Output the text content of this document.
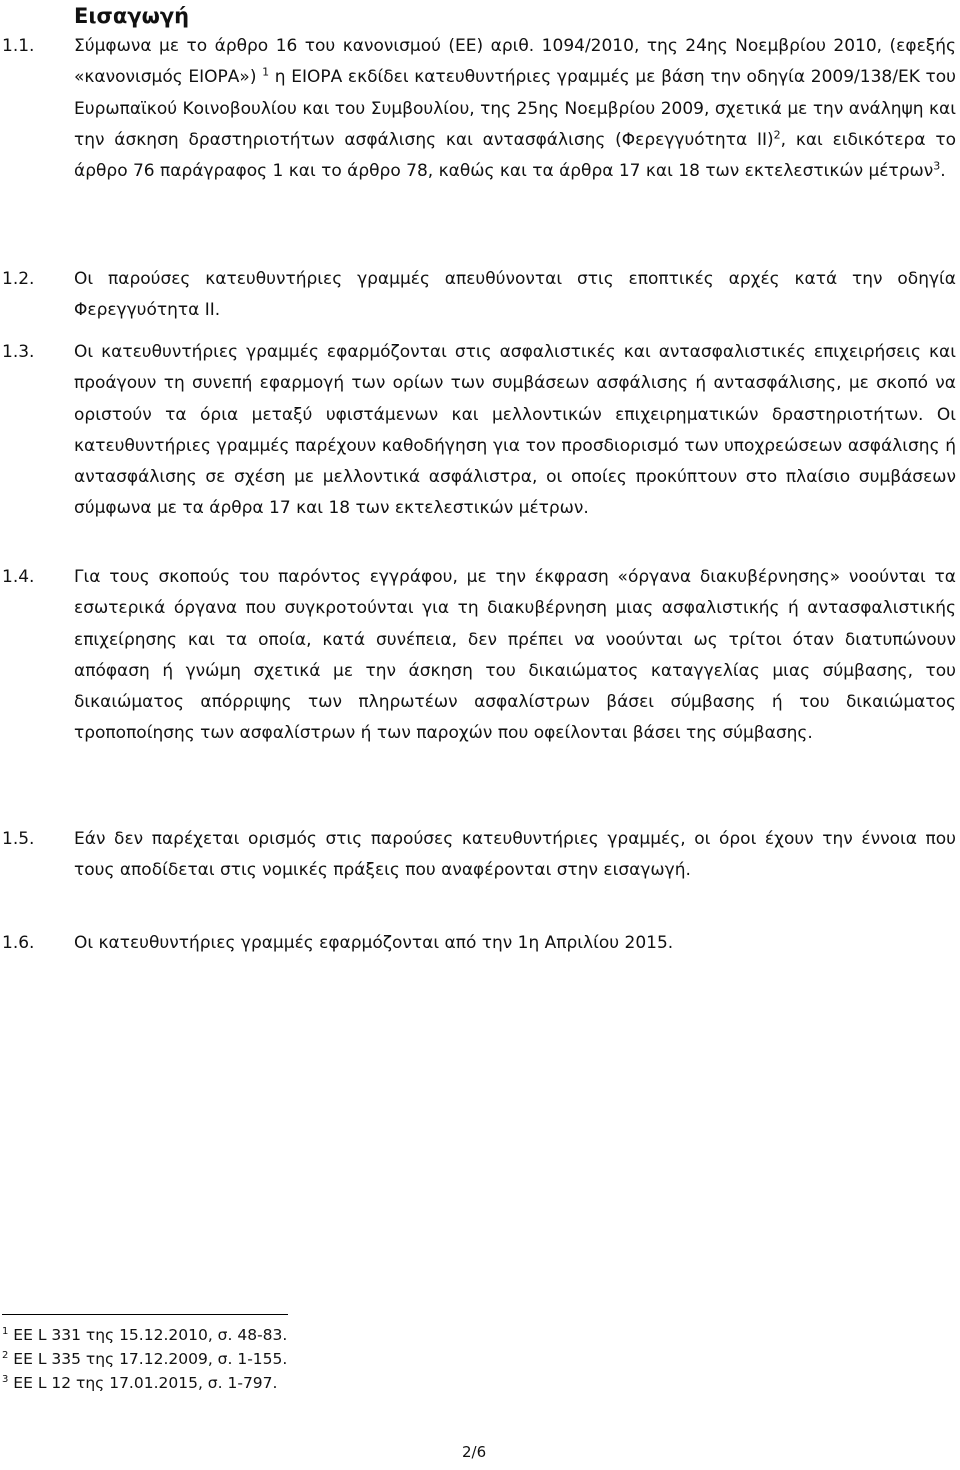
Εισαγωγή
1.1. Σύμφωνα με το άρθρο 16 του κανονισμού (ΕΕ) αριθ. 1094/2010, της 24ης Νοεμβρίου 2010, (εφεξής «κανονισμός ΕΙΟΡΑ») $^1$ η ΕΙΟΡΑ εκδίδει κατευθυντήριες γραμμές με βάση την οδηγία 2009/138/ΕΚ του Ευρωπαϊκού Κοινοβουλίου και του Συμβουλίου, της 25ης Νοεμβρίου 2009, σχετικά με την ανάληψη και την άσκηση δραστηριοτήτων ασφάλισης και αντασφάλισης (Φερεγγυότητα ΙΙ)$^2$, και ειδικότερα το άρθρο 76 παράγραφος 1 και το άρθρο 78, καθώς και τα άρθρα 17 και 18 των εκτελεστικών μέτρων$^3$.

1.2. Οι παρούσες κατευθυντήριες γραμμές απευθύνονται στις εποπτικές αρχές κατά την οδηγία Φερεγγυότητα ΙΙ.

1.3. Οι κατευθυντήριες γραμμές εφαρμόζονται στις ασφαλιστικές και αντασφαλιστικές επιχειρήσεις και προάγουν τη συνεπή εφαρμογή των ορίων των συμβάσεων ασφάλισης ή αντασφάλισης, με σκοπό να οριστούν τα όρια μεταξύ υφιστάμενων και μελλοντικών επιχειρηματικών δραστηριοτήτων. Οι κατευθυντήριες γραμμές παρέχουν καθοδήγηση για τον προσδιορισμό των υποχρεώσεων ασφάλισης ή αντασφάλισης σε σχέση με μελλοντικά ασφάλιστρα, οι οποίες προκύπτουν στο πλαίσιο συμβάσεων σύμφωνα με τα άρθρα 17 και 18 των εκτελεστικών μέτρων.

1.4. Για τους σκοπούς του παρόντος εγγράφου, με την έκφραση «όργανα διακυβέρνησης» νοούνται τα εσωτερικά όργανα που συγκροτούνται για τη διακυβέρνηση μιας ασφαλιστικής ή αντασφαλιστικής επιχείρησης και τα οποία, κατά συνέπεια, δεν πρέπει να νοούνται ως τρίτοι όταν διατυπώνουν απόφαση ή γνώμη σχετικά με την άσκηση του δικαιώματος καταγγελίας μιας σύμβασης, του δικαιώματος απόρριψης των πληρωτέων ασφαλίστρων βάσει σύμβασης ή του δικαιώματος τροποποίησης των ασφαλίστρων ή των παροχών που οφείλονται βάσει της σύμβασης.

1.5. Εάν δεν παρέχεται ορισμός στις παρούσες κατευθυντήριες γραμμές, οι όροι έχουν την έννοια που τους αποδίδεται στις νομικές πράξεις που αναφέρονται στην εισαγωγή.

1.6. Οι κατευθυντήριες γραμμές εφαρμόζονται από την 1η Απριλίου 2015.

$^1$ ΕΕ L 331 της 15.12.2010, σ. 48-83.
$^2$ ΕΕ L 335 της 17.12.2009, σ. 1-155.
$^3$ ΕΕ L 12 της 17.01.2015, σ. 1-797.
2/6
